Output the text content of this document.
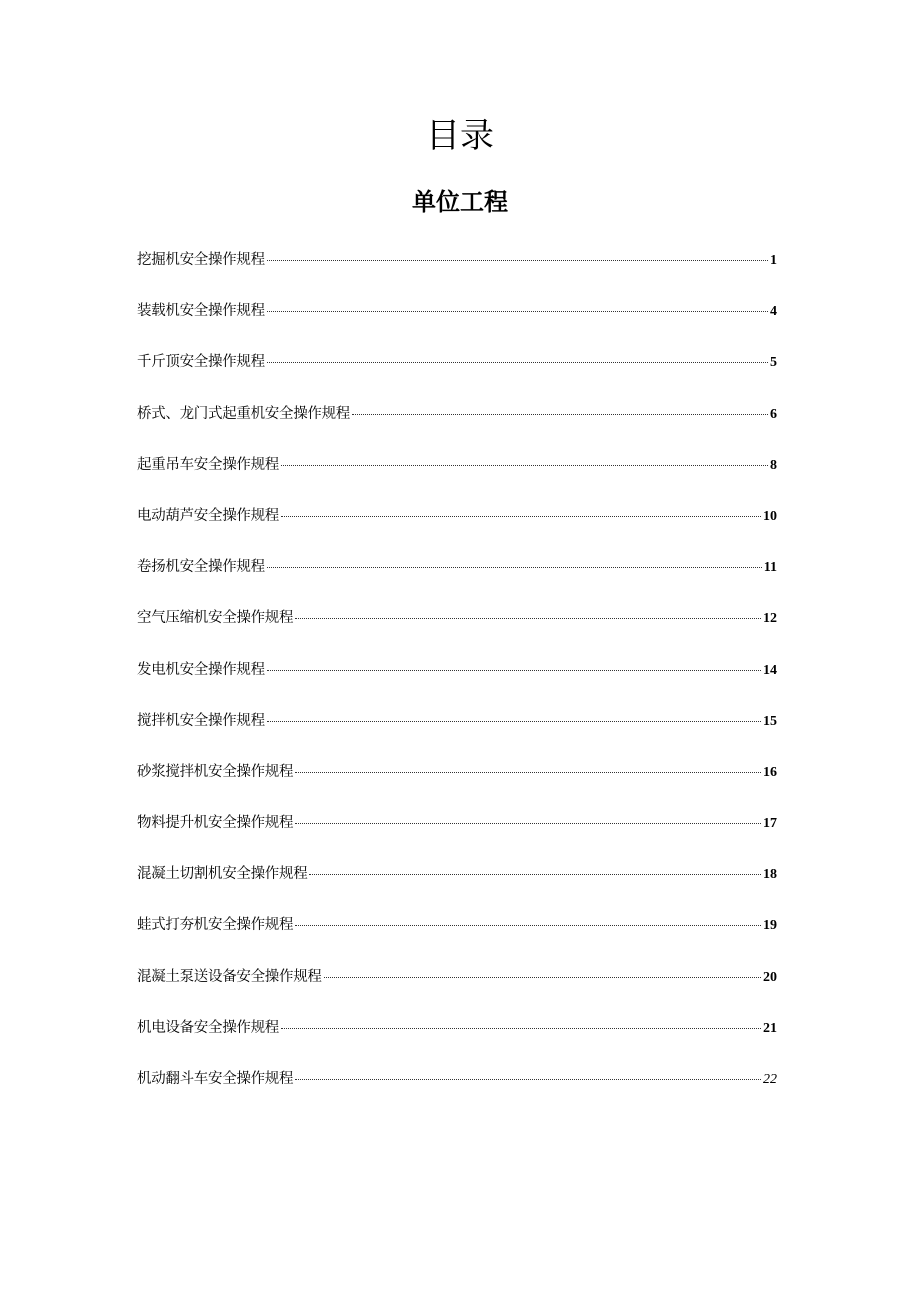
目录
单位工程
挖掘机安全操作规程	1
装载机安全操作规程	4
千斤顶安全操作规程	5
桥式、龙门式起重机安全操作规程	6
起重吊车安全操作规程	8
电动葫芦安全操作规程	10
卷扬机安全操作规程	11
空气压缩机安全操作规程	12
发电机安全操作规程	14
搅拌机安全操作规程	15
砂浆搅拌机安全操作规程	16
物料提升机安全操作规程	17
混凝土切割机安全操作规程	18
蛙式打夯机安全操作规程	19
混凝土泵送设备安全操作规程	20
机电设备安全操作规程	21
机动翻斗车安全操作规程	22
